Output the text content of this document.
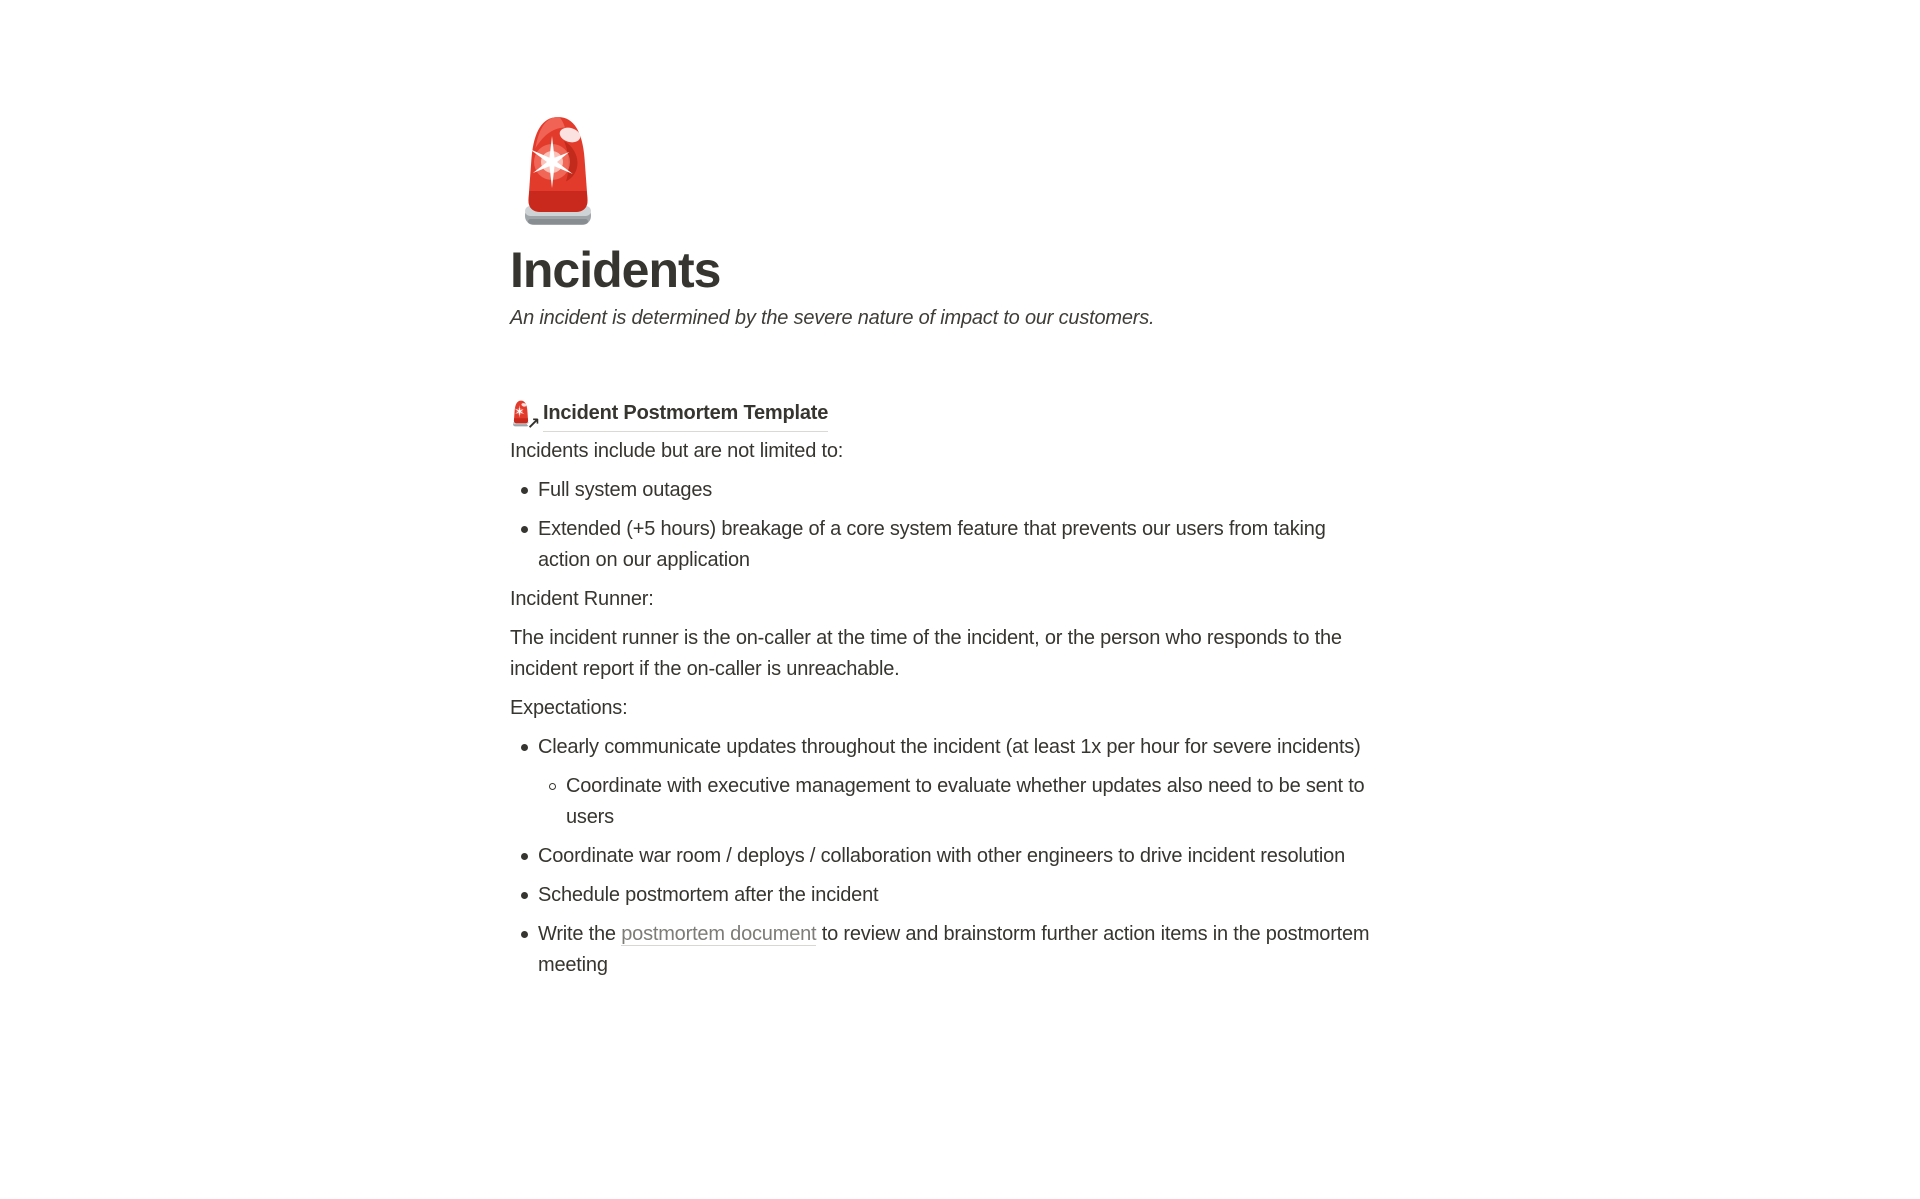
Incidents

An incident is determined by the severe nature of impact to our customers.

↗
Incident Postmortem Template

Incidents include but are not limited to:

Full system outages
Extended (+5 hours) breakage of a core system feature that prevents our users from taking action on our application

Incident Runner:

The incident runner is the on-caller at the time of the incident, or the person who responds to the incident report if the on-caller is unreachable.

Expectations:

Clearly communicate updates throughout the incident (at least 1x per hour for severe incidents)
Coordinate with executive management to evaluate whether updates also need to be sent to users
Coordinate war room / deploys / collaboration with other engineers to drive incident resolution
Schedule postmortem after the incident
Write the postmortem document to review and brainstorm further action items in the postmortem meeting
